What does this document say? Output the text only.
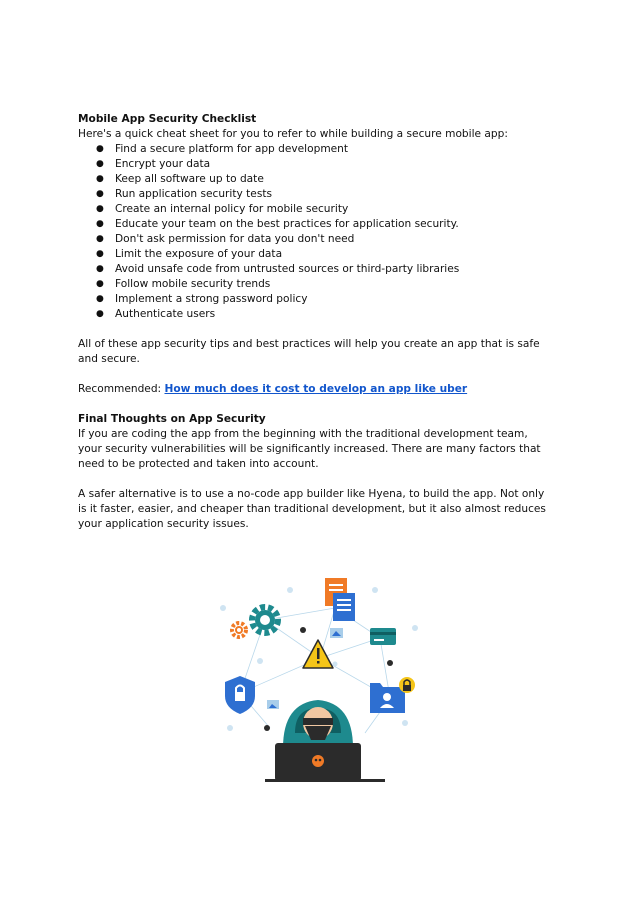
Mobile App Security Checklist

Here's a quick cheat sheet for you to refer to while building a secure mobile app:

● Find a secure platform for app development
● Encrypt your data
● Keep all software up to date
● Run application security tests
● Create an internal policy for mobile security
● Educate your team on the best practices for application security.
● Don't ask permission for data you don't need
● Limit the exposure of your data
● Avoid unsafe code from untrusted sources or third-party libraries
● Follow mobile security trends
● Implement a strong password policy
● Authenticate users

All of these app security tips and best practices will help you create an app that is safe

and secure.

Recommended: How much does it cost to develop an app like uber

Final Thoughts on App Security

If you are coding the app from the beginning with the traditional development team,

your security vulnerabilities will be significantly increased. There are many factors that

need to be protected and taken into account.

A safer alternative is to use a no-code app builder like Hyena, to build the app. Not only

is it faster, easier, and cheaper than traditional development, but it also almost reduces

your application security issues.
